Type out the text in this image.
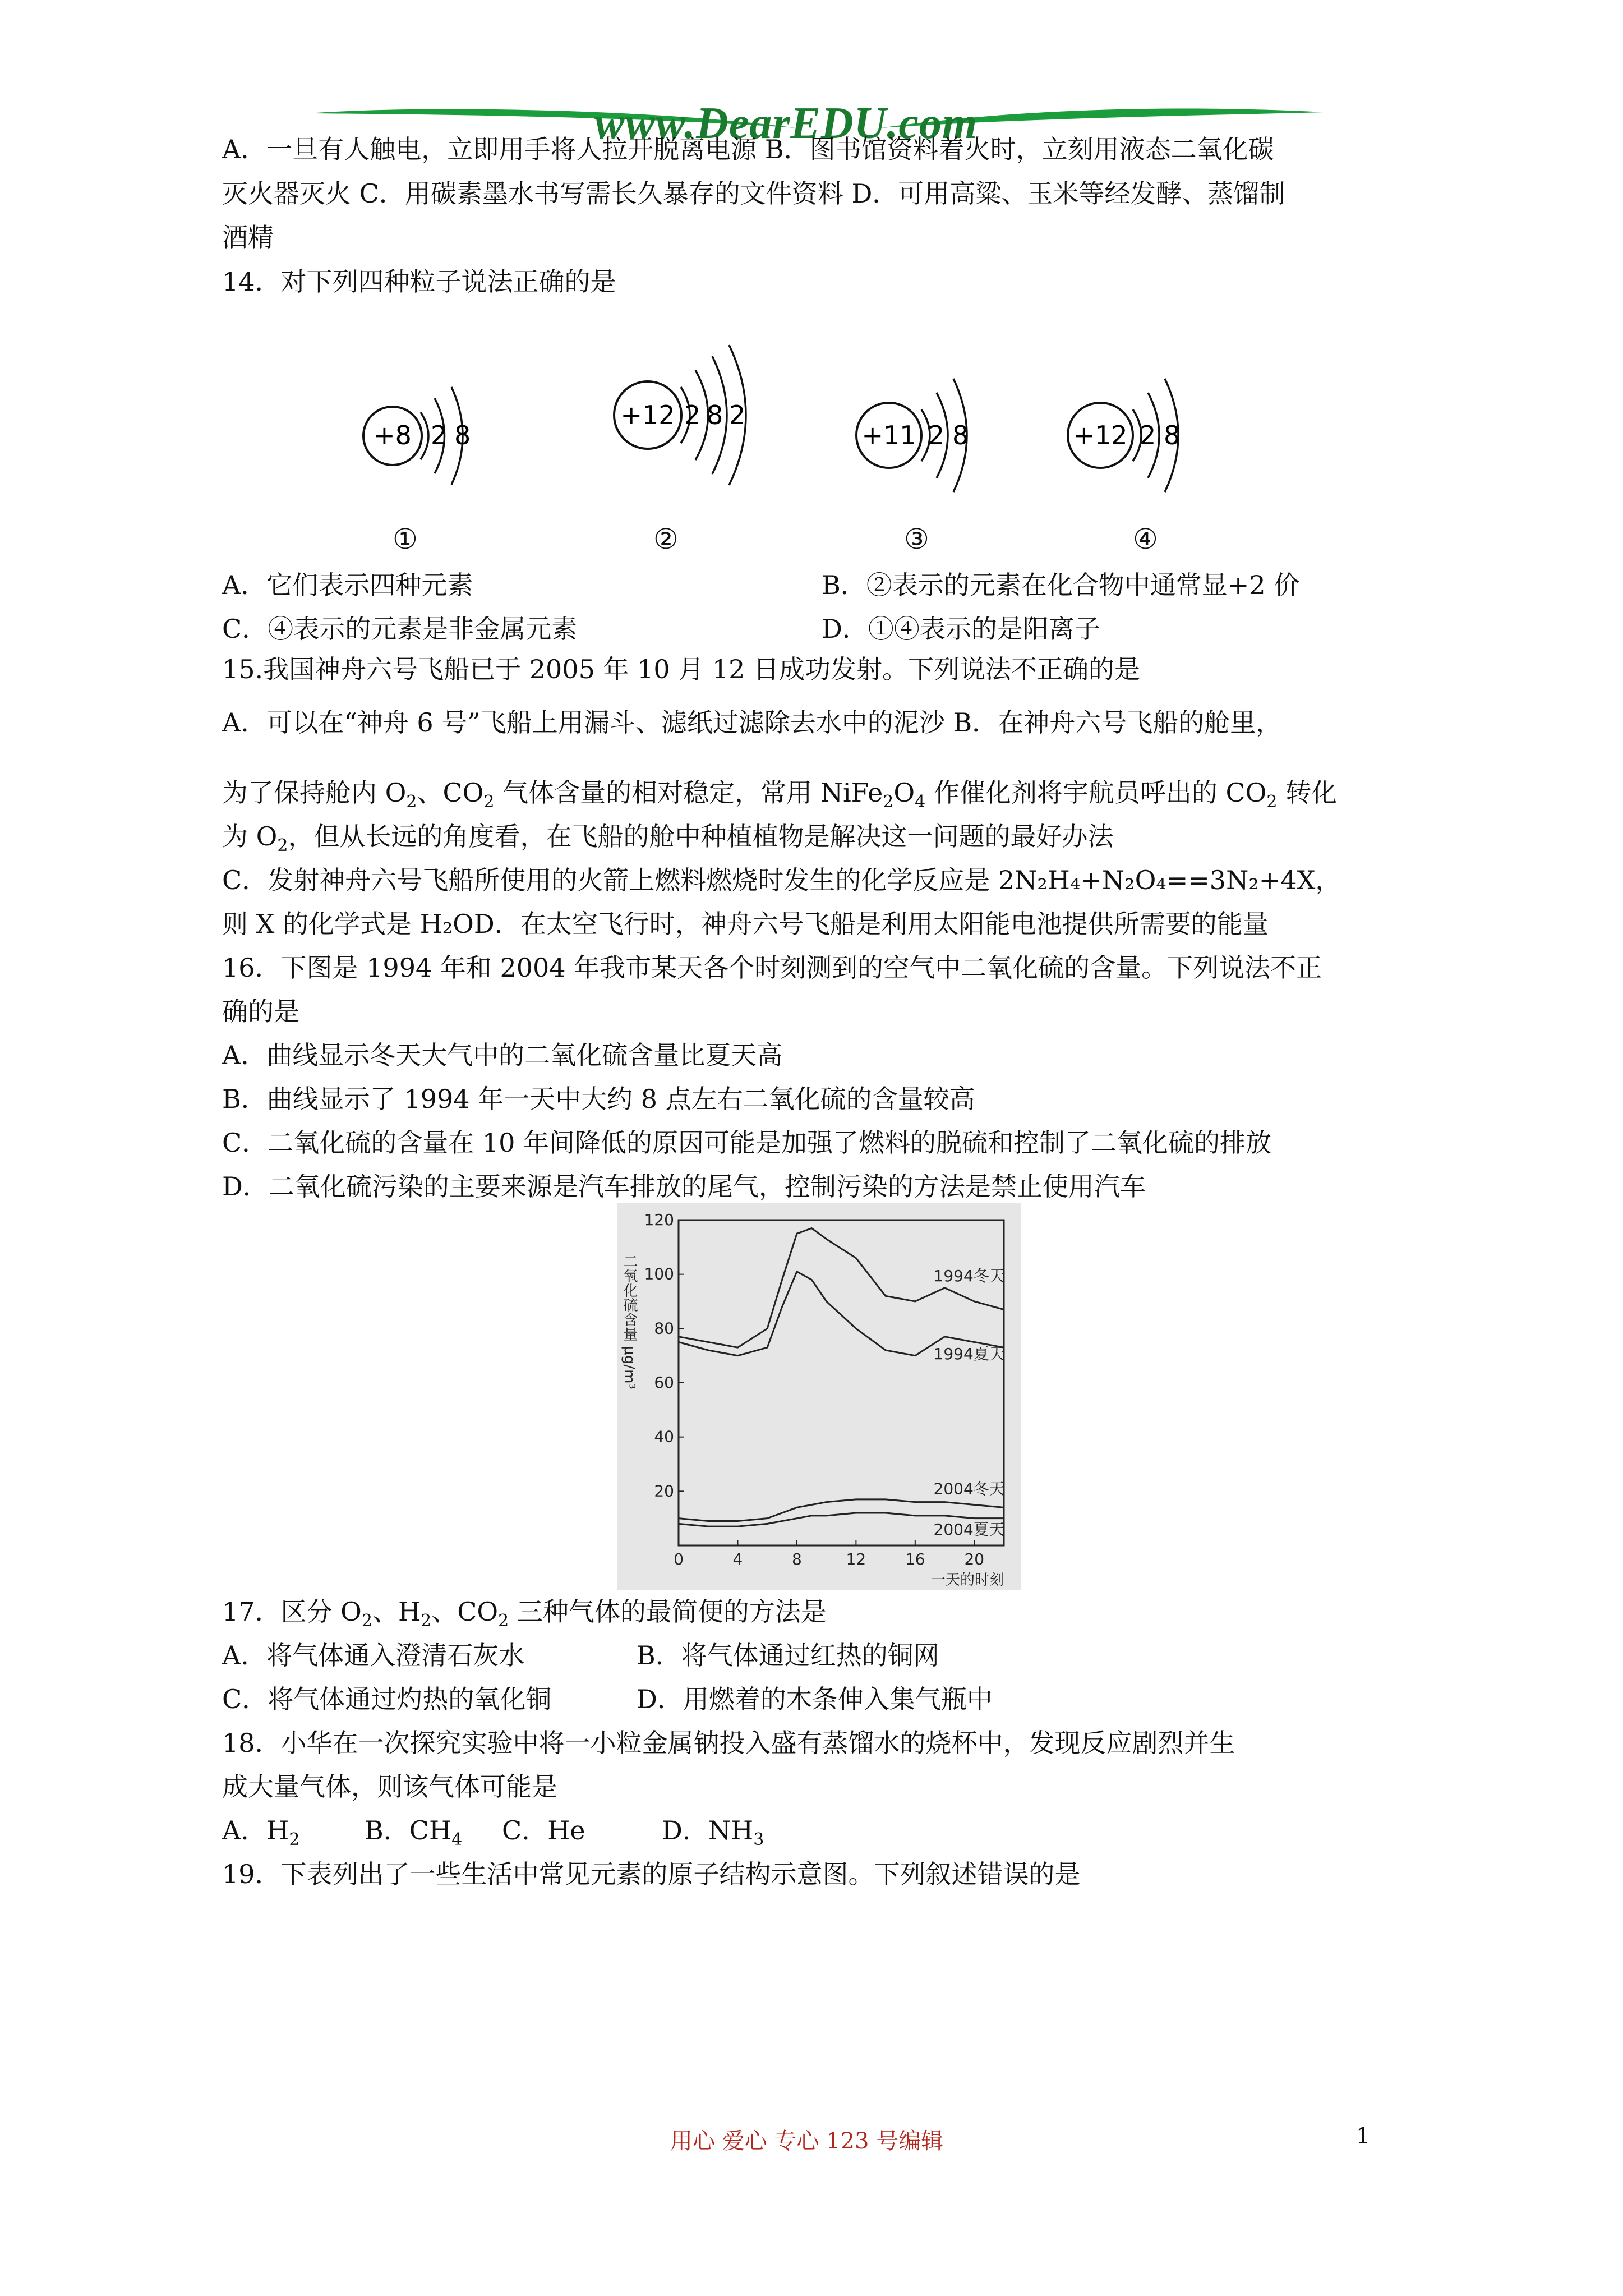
www.DearEDU.com
A．一旦有人触电，立即用手将人拉开脱离电源 B．图书馆资料着火时，立刻用液态二氧化碳
灭火器灭火 C．用碳素墨水书写需长久暴存的文件资料 D．可用高粱、玉米等经发酵、蒸馏制
酒精
14．对下列四种粒子说法正确的是
+8 2 8
+12 2 8 2
+11 2 8	+12 2 8
①	②	③	④
A．它们表示四种元素	B．②表示的元素在化合物中通常显+2 价
C．④表示的元素是非金属元素	D．①④表示的是阳离子
15.我国神舟六号飞船已于 2005 年 10 月 12 日成功发射。下列说法不正确的是
A．可以在“神舟 6 号”飞船上用漏斗、滤纸过滤除去水中的泥沙 B．在神舟六号飞船的舱里，
为了保持舱内 $O_2$、$CO_2$ 气体含量的相对稳定，常用 $NiFe_2O_4$ 作催化剂将宇航员呼出的 $CO_2$ 转化
为 $O_2$，但从长远的角度看，在飞船的舱中种植植物是解决这一问题的最好办法
C．发射神舟六号飞船所使用的火箭上燃料燃烧时发生的化学反应是 2N₂H₄+N₂O₄==3N₂+4X，
则 X 的化学式是 H₂OD．在太空飞行时，神舟六号飞船是利用太阳能电池提供所需要的能量
16．下图是 1994 年和 2004 年我市某天各个时刻测到的空气中二氧化硫的含量。下列说法不正
确的是
A．曲线显示冬天大气中的二氧化硫含量比夏天高
B．曲线显示了 1994 年一天中大约 8 点左右二氧化硫的含量较高
C．二氧化硫的含量在 10 年间降低的原因可能是加强了燃料的脱硫和控制了二氧化硫的排放
D．二氧化硫污染的主要来源是汽车排放的尾气，控制污染的方法是禁止使用汽车
20
40
60
80
100
120
0	4	8	12 16 20
二氧化硫含量 μg/m³
一天的时刻
1994冬天
1994夏天
2004冬天
2004夏天
17．区分 $O_2$、$H_2$、$CO_2$ 三种气体的最简便的方法是
A．将气体通入澄清石灰水	B．将气体通过红热的铜网
C．将气体通过灼热的氧化铜	D．用燃着的木条伸入集气瓶中
18．小华在一次探究实验中将一小粒金属钠投入盛有蒸馏水的烧杯中，发现反应剧烈并生
成大量气体，则该气体可能是
A．$H_2$	B．$CH_4$ C．He	D．$NH_3$
19．下表列出了一些生活中常见元素的原子结构示意图。下列叙述错误的是
用心 爱心 专心 123 号编辑	1
